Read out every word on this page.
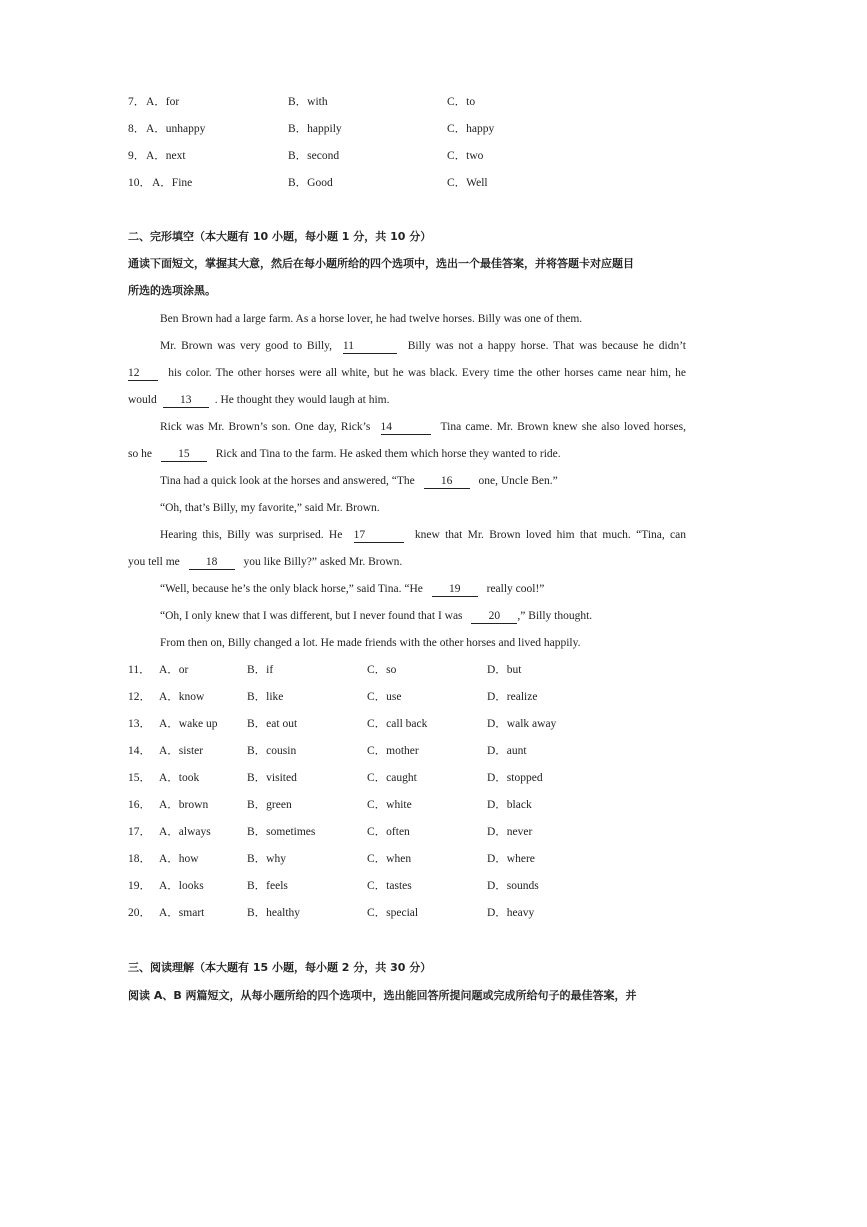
7． A．for	B．with	C．to
8． A．unhappy	B．happily	C．happy
9． A．next	B．second	C．two
10． A．Fine	B．Good	C．Well
二、完形填空（本大题有 10 小题，每小题 1 分，共 10 分）
通读下面短文，掌握其大意，然后在每小题所给的四个选项中，选出一个最佳答案，并将答题卡对应题目
所选的选项涂黑。
Ben Brown had a large farm. As a horse lover, he had twelve horses. Billy was one of them.
Mr. Brown was very good to Billy, 11	Billy was not a happy horse. That was because he didn’t
12 his color. The other horses were all white, but he was black. Every time the other horses came near him, he
would 13 . He thought they would laugh at him.
Rick was Mr. Brown’s son. One day, Rick’s 14	Tina came. Mr. Brown knew she also loved horses,
so he 15 Rick and Tina to the farm. He asked them which horse they wanted to ride.
Tina had a quick look at the horses and answered, “The 16 one, Uncle Ben.”
“Oh, that’s Billy, my favorite,” said Mr. Brown.
Hearing this, Billy was surprised. He 17	knew that Mr. Brown loved him that much. “Tina, can
you tell me 18 you like Billy?” asked Mr. Brown.
“Well, because he’s the only black horse,” said Tina. “He 19 really cool!”
“Oh, I only knew that I was different, but I never found that I was 20 ,” Billy thought.
From then on, Billy changed a lot. He made friends with the other horses and lived happily.
11． A．or	B．if	C．so	D．but
12． A．know	B．like	C．use	D．realize
13． A．wake up	B．eat out	C．call back	D．walk away
14． A．sister	B．cousin	C．mother	D．aunt
15． A．took	B．visited	C．caught	D．stopped
16． A．brown	B．green	C．white	D．black
17． A．always	B．sometimes	C．often	D．never
18． A．how	B．why	C．when	D．where
19． A．looks	B．feels	C．tastes	D．sounds
20． A．smart	B．healthy	C．special	D．heavy
三、阅读理解（本大题有 15 小题，每小题 2 分，共 30 分）
阅读 A、B 两篇短文，从每小题所给的四个选项中，选出能回答所提问题或完成所给句子的最佳答案，并
